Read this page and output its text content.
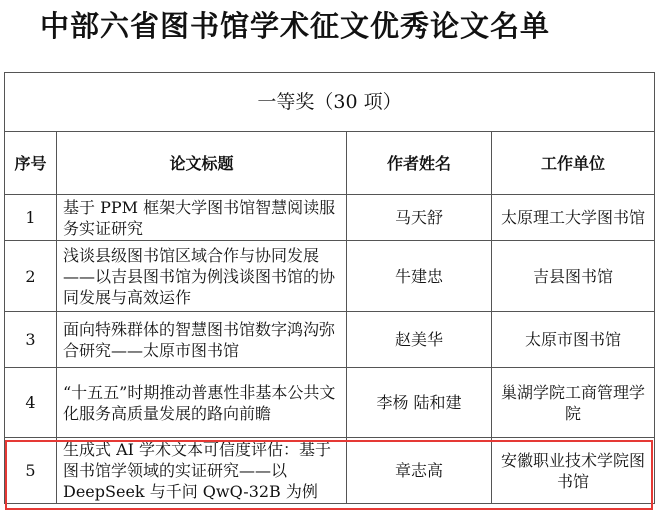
中部六省图书馆学术征文优秀论文名单
一等奖（30 项）			
序号	论文标题	作者姓名	工作单位
1	基于 PPM 框架大学图书馆智慧阅读服务实证研究	马天舒	太原理工大学图书馆
2	浅谈县级图书馆区域合作与协同发展——以吉县图书馆为例浅谈图书馆的协同发展与高效运作	牛建忠	吉县图书馆
3	面向特殊群体的智慧图书馆数字鸿沟弥合研究——太原市图书馆	赵美华	太原市图书馆
4	“十五五”时期推动普惠性非基本公共文化服务高质量发展的路向前瞻	李杨 陆和建	巢湖学院工商管理学院
5	生成式 AI 学术文本可信度评估：基于图书馆学领域的实证研究——以 DeepSeek 与千问 QwQ-32B 为例	章志高	安徽职业技术学院图书馆
